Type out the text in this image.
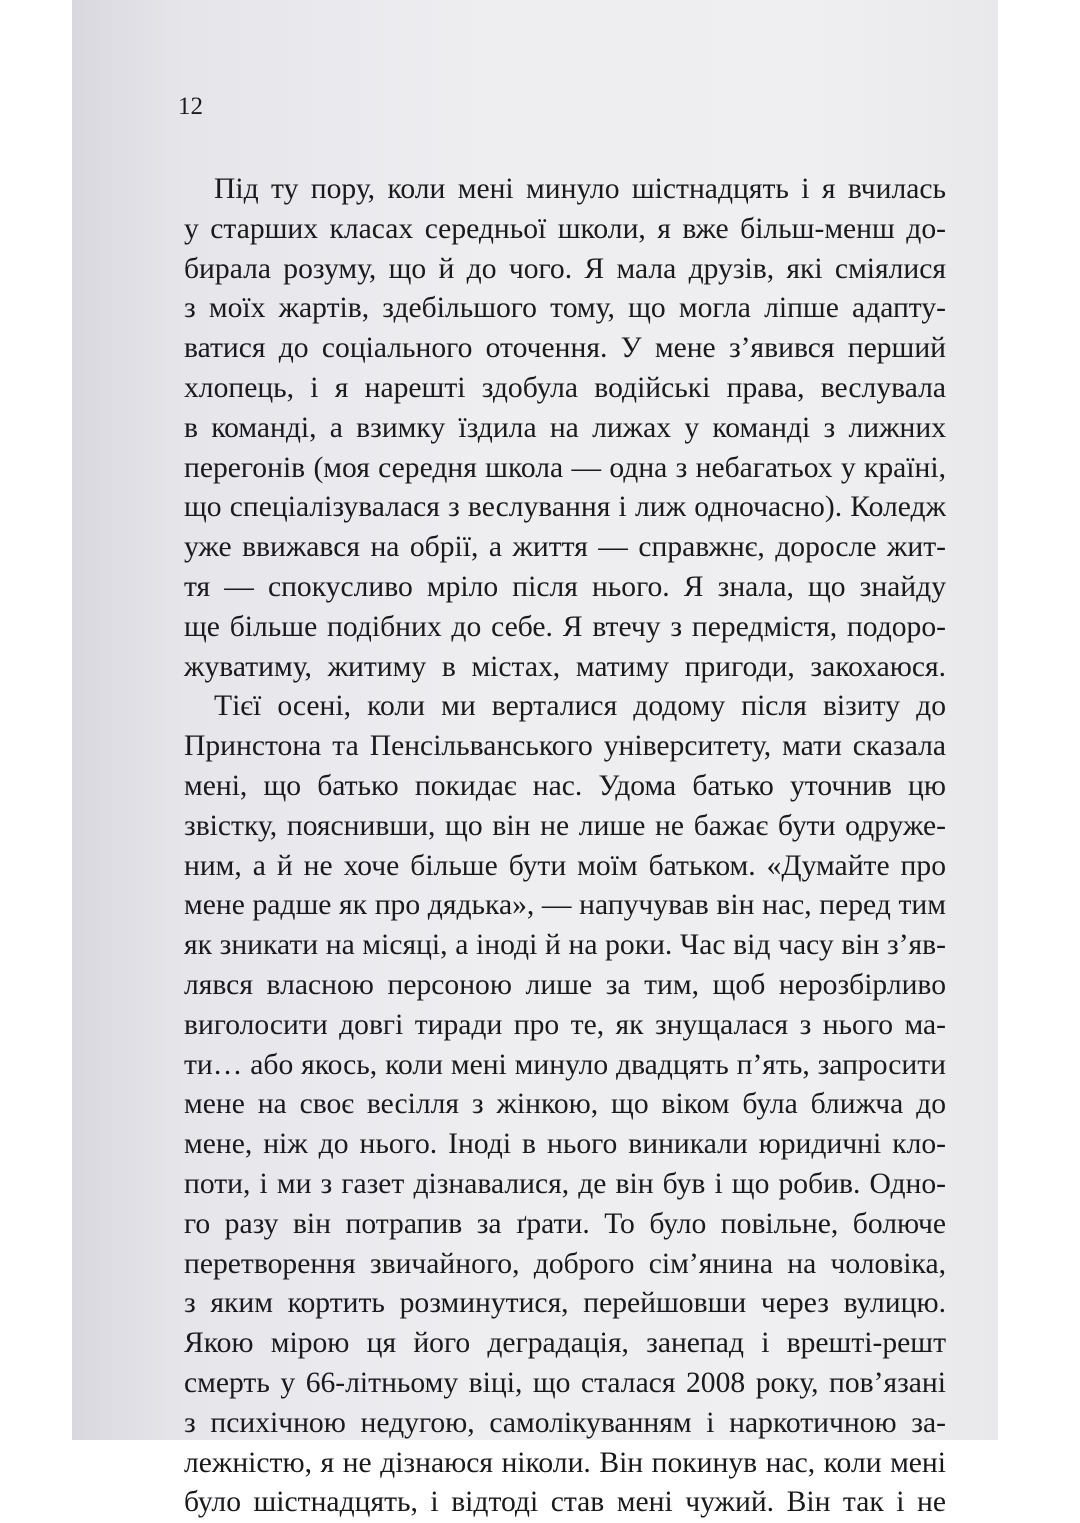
12
Під ту пору, коли мені минуло шістнадцять і я вчилась
у старших класах середньої школи, я вже більш-менш до-
бирала розуму, що й до чого. Я мала друзів, які сміялися
з моїх жартів, здебільшого тому, що могла ліпше адапту-
ватися до соціального оточення. У мене з’явився перший
хлопець, і я нарешті здобула водійські права, веслувала
в команді, а взимку їздила на лижах у команді з лижних
перегонів (моя середня школа — одна з небагатьох у країні,
що спеціалізувалася з веслування і лиж одночасно). Коледж
уже ввижався на обрії, а життя — справжнє, доросле жит-
тя — спокусливо мріло після нього. Я знала, що знайду
ще більше подібних до себе. Я втечу з передмістя, подоро-
жуватиму, житиму в містах, матиму пригоди, закохаюся.
Тієї осені, коли ми верталися додому після візиту до
Принстона та Пенсільванського університету, мати сказала
мені, що батько покидає нас. Удома батько уточнив цю
звістку, пояснивши, що він не лише не бажає бути одруже-
ним, а й не хоче більше бути моїм батьком. «Думайте про
мене радше як про дядька», — напучував він нас, перед тим
як зникати на місяці, а іноді й на роки. Час від часу він з’яв-
лявся власною персоною лише за тим, щоб нерозбірливо
виголосити довгі тиради про те, як знущалася з нього ма-
ти… або якось, коли мені минуло двадцять п’ять, запросити
мене на своє весілля з жінкою, що віком була ближча до
мене, ніж до нього. Іноді в нього виникали юридичні кло-
поти, і ми з газет дізнавалися, де він був і що робив. Одно-
го разу він потрапив за ґрати. То було повільне, болюче
перетворення звичайного, доброго сім’янина на чоловіка,
з яким кортить розминутися, перейшовши через вулицю.
Якою мірою ця його деградація, занепад і врешті-решт
смерть у 66-літньому віці, що сталася 2008 року, пов’язані
з психічною недугою, самолікуванням і наркотичною за-
лежністю, я не дізнаюся ніколи. Він покинув нас, коли мені
було шістнадцять, і відтоді став мені чужий. Він так і не
